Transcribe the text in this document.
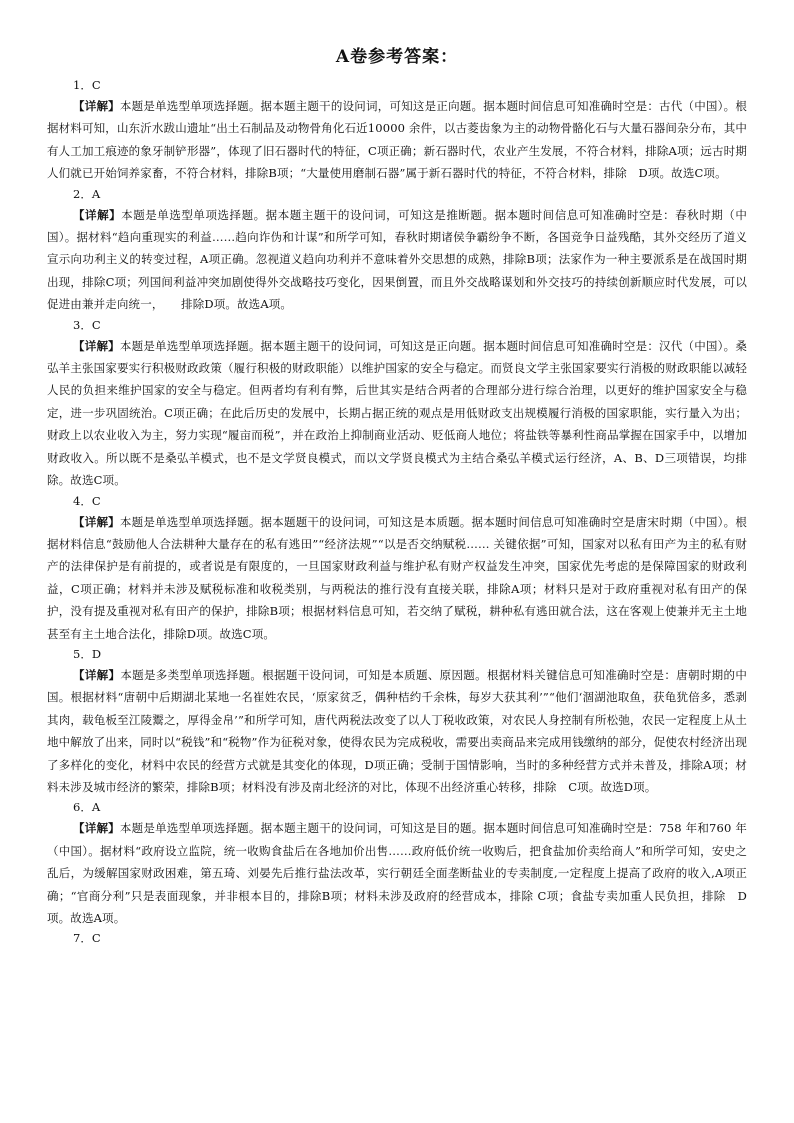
A卷参考答案：
1．C

【详解】本题是单选型单项选择题。据本题主题干的设问词，可知这是正向题。据本题时间信息可知准确时空是：古代（中国）。根据材料可知，山东沂水跋山遗址“出土石制品及动物骨角化石近10000 余件，以古菱齿象为主的动物骨骼化石与大量石器间杂分布，其中有人工加工痕迹的象牙制铲形器”，体现了旧石器时代的特征，C项正确；新石器时代，农业产生发展，不符合材料，排除A项；远古时期人们就已开始饲养家畜，不符合材料，排除B项；“大量使用磨制石器”属于新石器时代的特征，不符合材料，排除　D项。故选C项。

2．A

【详解】本题是单选型单项选择题。据本题主题干的设问词，可知这是推断题。据本题时间信息可知准确时空是：春秋时期（中国）。据材料“趋向重现实的利益……趋向诈伪和计谋”和所学可知，春秋时期诸侯争霸纷争不断，各国竞争日益残酷，其外交经历了道义宣示向功利主义的转变过程，A项正确。忽视道义趋向功利并不意味着外交思想的成熟，排除B项；法家作为一种主要派系是在战国时期出现，排除C项；列国间利益冲突加剧使得外交战略技巧变化，因果倒置，而且外交战略谋划和外交技巧的持续创新顺应时代发展，可以促进由兼并走向统一，　　排除D项。故选A项。

3．C

【详解】本题是单选型单项选择题。据本题主题干的设问词，可知这是正向题。据本题时间信息可知准确时空是：汉代（中国）。桑弘羊主张国家要实行积极财政政策（履行积极的财政职能）以维护国家的安全与稳定。而贤良文学主张国家要实行消极的财政职能以减轻人民的负担来维护国家的安全与稳定。但两者均有利有弊，后世其实是结合两者的合理部分进行综合治理，以更好的维护国家安全与稳定，进一步巩固统治。C项正确；在此后历史的发展中，长期占据正统的观点是用低财政支出规模履行消极的国家职能，实行量入为出；财政上以农业收入为主，努力实现“履亩而税”，并在政治上抑制商业活动、贬低商人地位；将盐铁等暴利性商品掌握在国家手中，以增加财政收入。所以既不是桑弘羊模式，也不是文学贤良模式，而以文学贤良模式为主结合桑弘羊模式运行经济，A、B、D三项错误，均排除。故选C项。

4．C

【详解】本题是单选型单项选择题。据本题题干的设问词，可知这是本质题。据本题时间信息可知准确时空是唐宋时期（中国）。根据材料信息“鼓励他人合法耕种大量存在的私有逃田”“经济法规”“以是否交纳赋税…… 关键依据”可知，国家对以私有田产为主的私有财产的法律保护是有前提的，或者说是有限度的，一旦国家财政利益与维护私有财产权益发生冲突，国家优先考虑的是保障国家的财政利益，C项正确；材料并未涉及赋税标准和收税类别，与两税法的推行没有直接关联，排除A项；材料只是对于政府重视对私有田产的保护，没有提及重视对私有田产的保护，排除B项；根据材料信息可知，若交纳了赋税，耕种私有逃田就合法，这在客观上使兼并无主土地甚至有主土地合法化，排除D项。故选C项。

5．D

【详解】本题是多类型单项选择题。根据题干设问词，可知是本质题、原因题。根据材料关键信息可知准确时空是：唐朝时期的中国。根据材料“唐朝中后期湖北某地一名崔姓农民，‘原家贫乏，偶种桔约千余株，每岁大获其利’”“他们‘涸湖池取鱼，获龟犹倍多，悉剥其肉，载龟板至江陵鬻之，厚得金帛’”和所学可知，唐代两税法改变了以人丁税收政策，对农民人身控制有所松弛，农民一定程度上从土地中解放了出来，同时以“税钱”和“税物”作为征税对象，使得农民为完成税收，需要出卖商品来完成用钱缴纳的部分，促使农村经济出现了多样化的变化，材料中农民的经营方式就是其变化的体现，D项正确；受制于国情影响，当时的多种经营方式并未普及，排除A项；材料未涉及城市经济的繁荣，排除B项；材料没有涉及南北经济的对比，体现不出经济重心转移，排除　C项。故选D项。

6．A

【详解】本题是单选型单项选择题。据本题主题干的设问词，可知这是目的题。据本题时间信息可知准确时空是：758 年和760 年（中国）。据材料“政府设立监院，统一收购食盐后在各地加价出售……政府低价统一收购后，把食盐加价卖给商人”和所学可知，安史之乱后，为缓解国家财政困难，第五琦、刘晏先后推行盐法改革，实行朝廷全面垄断盐业的专卖制度,一定程度上提高了政府的收入,A项正确；“官商分利”只是表面现象，并非根本目的，排除B项；材料未涉及政府的经营成本，排除 C项；食盐专卖加重人民负担，排除　D项。故选A项。

7．C
